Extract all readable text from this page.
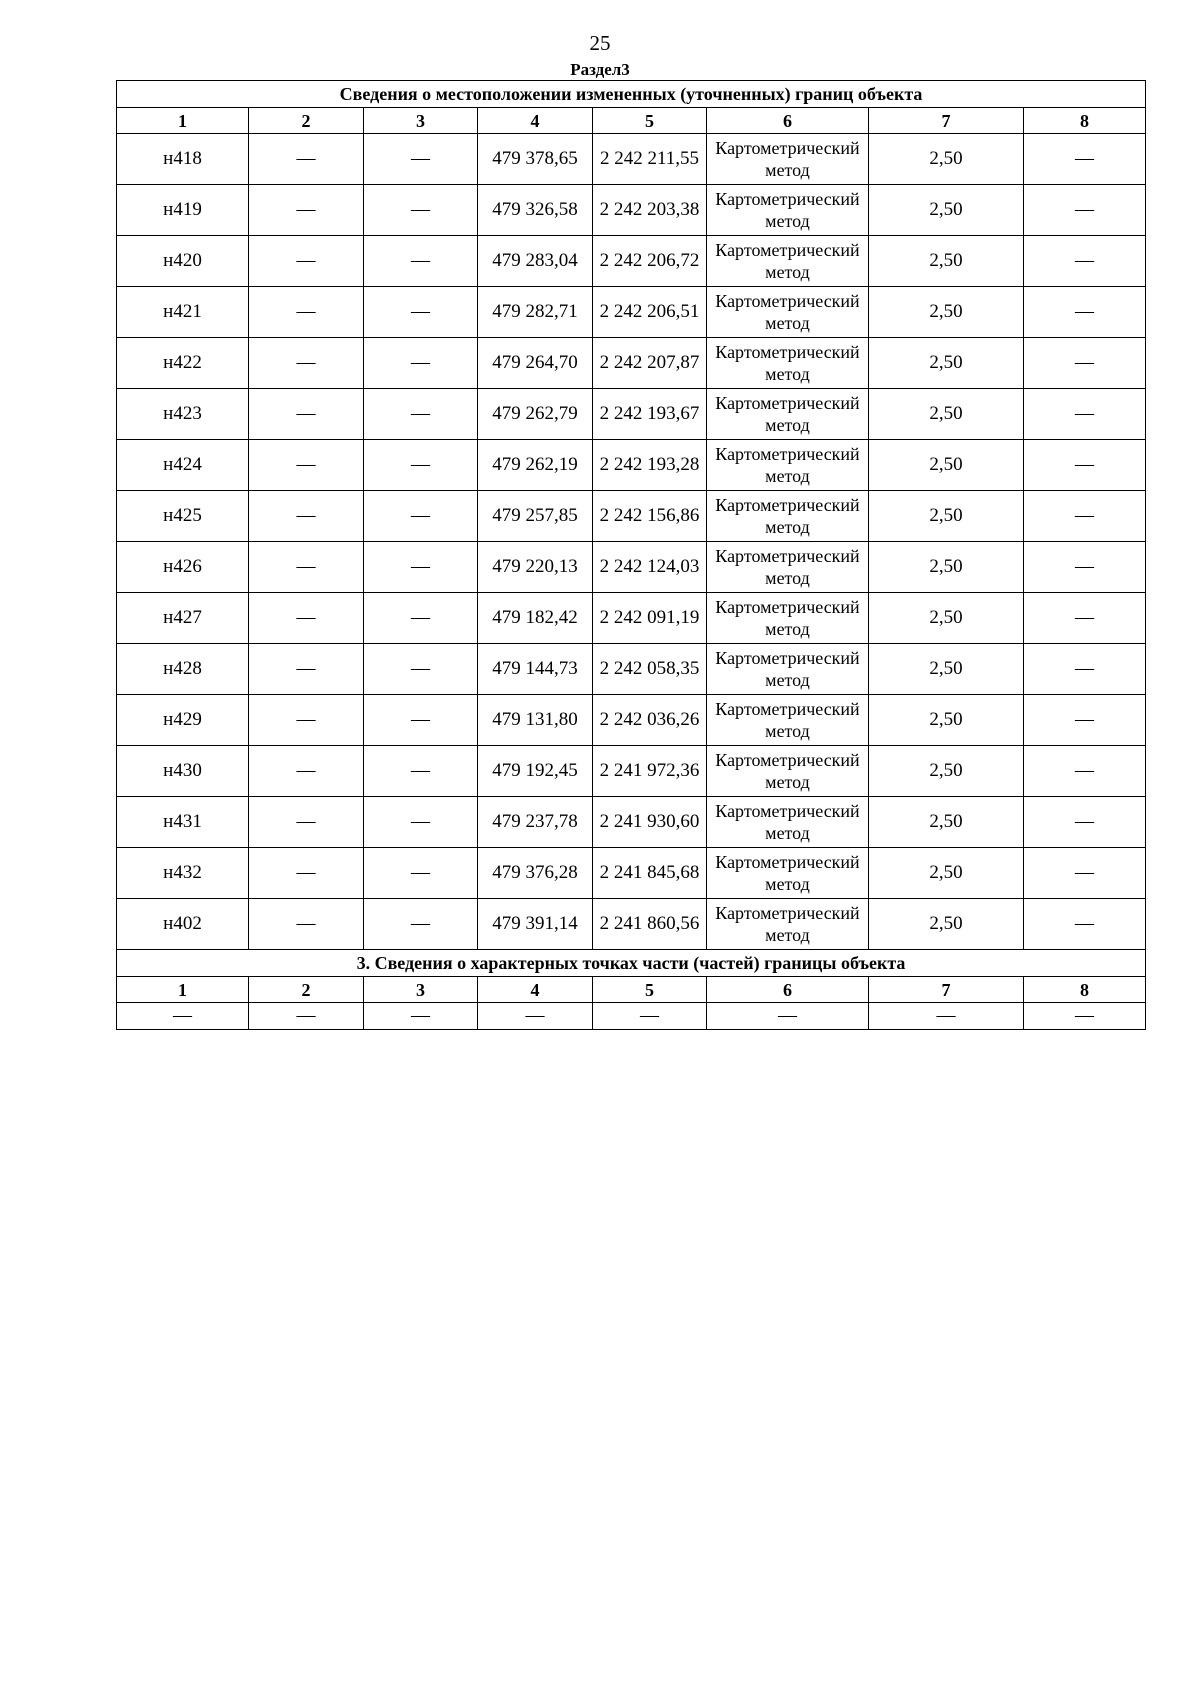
25
Раздел3
Сведения о местоположении измененных (уточненных) границ объекта							
1	2	3	4	5	6	7	8
н418	—	—	479 378,65	2 242 211,55	Картометрический метод	2,50	—
н419	—	—	479 326,58	2 242 203,38	Картометрический метод	2,50	—
н420	—	—	479 283,04	2 242 206,72	Картометрический метод	2,50	—
н421	—	—	479 282,71	2 242 206,51	Картометрический метод	2,50	—
н422	—	—	479 264,70	2 242 207,87	Картометрический метод	2,50	—
н423	—	—	479 262,79	2 242 193,67	Картометрический метод	2,50	—
н424	—	—	479 262,19	2 242 193,28	Картометрический метод	2,50	—
н425	—	—	479 257,85	2 242 156,86	Картометрический метод	2,50	—
н426	—	—	479 220,13	2 242 124,03	Картометрический метод	2,50	—
н427	—	—	479 182,42	2 242 091,19	Картометрический метод	2,50	—
н428	—	—	479 144,73	2 242 058,35	Картометрический метод	2,50	—
н429	—	—	479 131,80	2 242 036,26	Картометрический метод	2,50	—
н430	—	—	479 192,45	2 241 972,36	Картометрический метод	2,50	—
н431	—	—	479 237,78	2 241 930,60	Картометрический метод	2,50	—
н432	—	—	479 376,28	2 241 845,68	Картометрический метод	2,50	—
н402	—	—	479 391,14	2 241 860,56	Картометрический метод	2,50	—
3. Сведения о характерных точках части (частей) границы объекта							
1	2	3	4	5	6	7	8
—	—	—	—	—	—	—	—
